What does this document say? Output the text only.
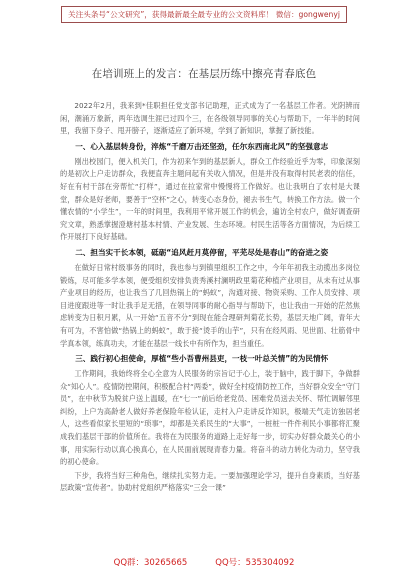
关注头条号“公文研究”，获得最新最全最专业的公文资料库！ 微信：gongwenyj
在培训班上的发言：在基层历练中擦亮青春底色

2022年2月，我来到*佳职担任党支部书记助理，正式成为了一名基层工作者。光阴辨而闲，潮涌万象新，两年选调生涯已过四个三，在各级领导同事的关心与帮助下，一年半的时间里，我留下身子、甩开膀子，逐渐适应了新环境，学到了新知识，掌握了新技能。

一、心入基层转身份，淬炼“千磨万击还坚劲，任尔东西南北风”的坚强意志

刚出校园门，便入机关门，作为初来乍到的基层新人，群众工作经验近乎为零，印象深刻的是初次上户走访群众，我便直奔主题问起有关收入情况，但是并没有取得村民老表的信任，好在有村干部在旁帮忙“打样”，通过在拉家常中慢慢将工作做好。也让我明白了农村是大课堂，群众是好老师，要善于“空杯”之心，转变心态身份，褪去书生气，转换工作方法。做一个懂农情的“小学生”，一年的时间里，我利用平常开展工作的机会，遍访全村农户，做好调查研究文章，熟悉掌握澄塘村基本村情、产业发展、生态环境。村民生活等各方面情况，为后续工作开展打下良好基础。

二、担当实干长本领，砥砺“追风赶月莫停留，平芜尽处是春山”的奋进之姿

在做好日常村级事务的同时，我也参与到镇里组织工作之中，今年年初我主动揽出多岗位锻炼，尽可能多学本领，便受组织安排负责秀溪村澜明政里菊花种植产业项目，从未有过从事产业项目的经历，也让我当了几回热锅上的“蚂蚁”，沟通对接、物资采购、工作人员安排、项目进度跟进等一时让我手足无措，在领导同事的耐心指导与帮助下，也让我由一开始的茫然焦虑转变为日积月累，从一开始“五音不分”到现在能合理研判菊花长势，基层天地广阔，青年大有可为，不害怕做“热锅上的蚂蚁”，敢于接“烫手的山芋”，只有在经风雨、见世面、壮筋骨中学真本领，练真功夫，才能在基层一线长中有所作为，担当重任。

三、践行初心担使命，厚植“些小吾曹州县吏，一枝一叶总关情”的为民情怀

工作期间，我始终将全心全意为人民服务的宗旨记于心上，装于脑中，践于脚下，争做群众“知心人”。疫情防控期间，积极配合村“两委”，做好全村疫情防控工作，当好群众安全“守门员”，在中秋节为脱贫户送上温暖，在“七一”前后给老党员、困难党员送去关怀、帮忙调解邻里纠纷，上户为高龄老人做好养老保险年检认证，走村入户走讲反诈知识，极端天气走访独居老人，这些看似家长里短的“琐事”，却都是关系民生的“大事”，一桩桩一件件利民小事都将汇聚成我们基层干部的价值所在。我将在为民服务的道路上走好每一步，切实办好群众最关心的小事，用实际行动以真心换真心，在人民面前展现青春力量。将奋斗的动力转化为动力，坚守我的初心使命。

下步，我将当好三种角色，继续扎实努力走。一要加强理论学习，提升自身素质，当好基层政策“宣传者”。协助村党组织严格落实“三会一课”

QQ群：30265665	QQ号：535304092
